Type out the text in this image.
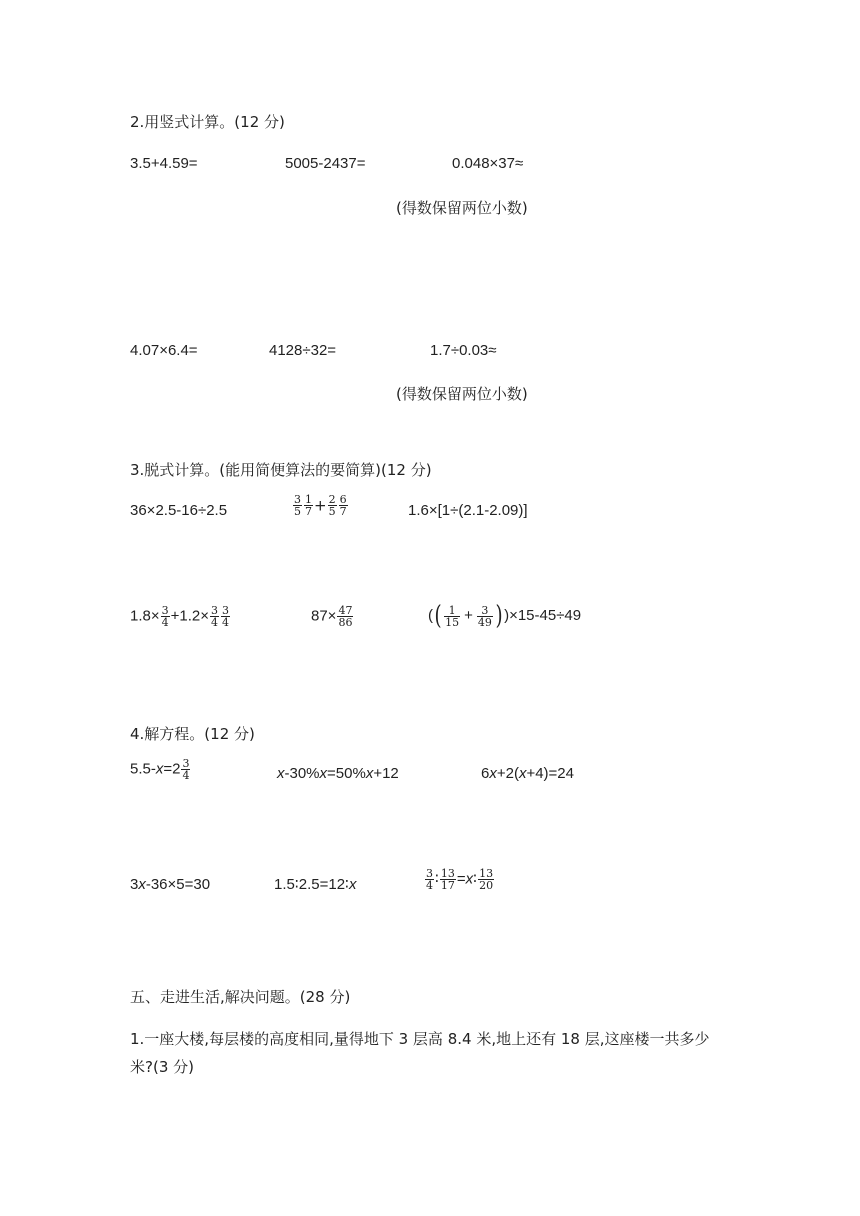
2.用竖式计算。(12 分)
3.5+4.59=	5005-2437=	0.048×37≈
(得数保留两位小数)
4.07×6.4=	4128÷32=	1.7÷0.03≈
(得数保留两位小数)
3.脱式计算。(能用简便算法的要简算)(12 分)
36×2.5-16÷2.5	$\frac{3}{5} \frac{1}{7} + \frac{2}{5} \frac{6}{7}$	1.6×[1÷(2.1-2.09)]
$1.8\times \frac{3}{4} +1.2\times \frac{3}{4} \frac{3}{4}$	$87\times \frac{47}{86}$	(( $\frac{1}{15} + \frac{3}{49}$ ) )×15-45÷49
4.解方程。(12 分)
$5.5-x=2 \frac{3}{4}$	x-30%x=50%x+12	6x+2(x+4)=24
3x-36×5=30	1.5∶2.5=12∶x	$\frac{3}{4}$ ∶ $\frac{13}{17}$ =x∶ $\frac{13}{20}$
五、走进生活,解决问题。(28 分)
1.一座大楼,每层楼的高度相同,量得地下 3 层高 8.4 米,地上还有 18 层,这座楼一共多少
米?(3 分)
